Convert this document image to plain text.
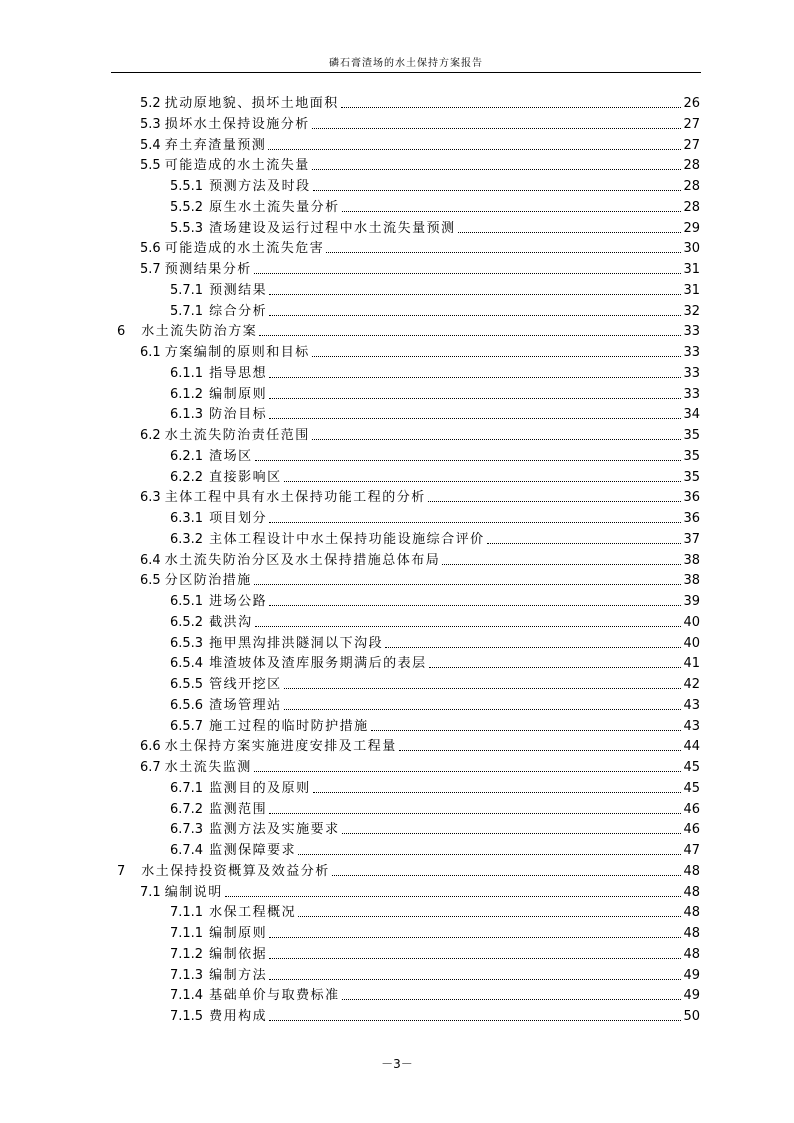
磷石膏渣场的水土保持方案报告
5.2 扰动原地貌、损坏土地面积	26
5.3 损坏水土保持设施分析	27
5.4 弃土弃渣量预测	27
5.5 可能造成的水土流失量	28
5.5.1 预测方法及时段	28
5.5.2 原生水土流失量分析	28
5.5.3 渣场建设及运行过程中水土流失量预测	29
5.6 可能造成的水土流失危害	30
5.7 预测结果分析	31
5.7.1 预测结果	31
5.7.1 综合分析	32
6 水土流失防治方案	33
6.1 方案编制的原则和目标	33
6.1.1 指导思想	33
6.1.2 编制原则	33
6.1.3 防治目标	34
6.2 水土流失防治责任范围	35
6.2.1 渣场区	35
6.2.2 直接影响区	35
6.3 主体工程中具有水土保持功能工程的分析	36
6.3.1 项目划分	36
6.3.2 主体工程设计中水土保持功能设施综合评价	37
6.4 水土流失防治分区及水土保持措施总体布局	38
6.5 分区防治措施	38
6.5.1 进场公路	39
6.5.2 截洪沟	40
6.5.3 拖甲黑沟排洪隧洞以下沟段	40
6.5.4 堆渣坡体及渣库服务期满后的表层	41
6.5.5 管线开挖区	42
6.5.6 渣场管理站	43
6.5.7 施工过程的临时防护措施	43
6.6 水土保持方案实施进度安排及工程量	44
6.7 水土流失监测	45
6.7.1 监测目的及原则	45
6.7.2 监测范围	46
6.7.3 监测方法及实施要求	46
6.7.4 监测保障要求	47
7 水土保持投资概算及效益分析	48
7.1 编制说明	48
7.1.1 水保工程概况	48
7.1.1 编制原则	48
7.1.2 编制依据	48
7.1.3 编制方法	49
7.1.4 基础单价与取费标准	49
7.1.5 费用构成	50
－3－
